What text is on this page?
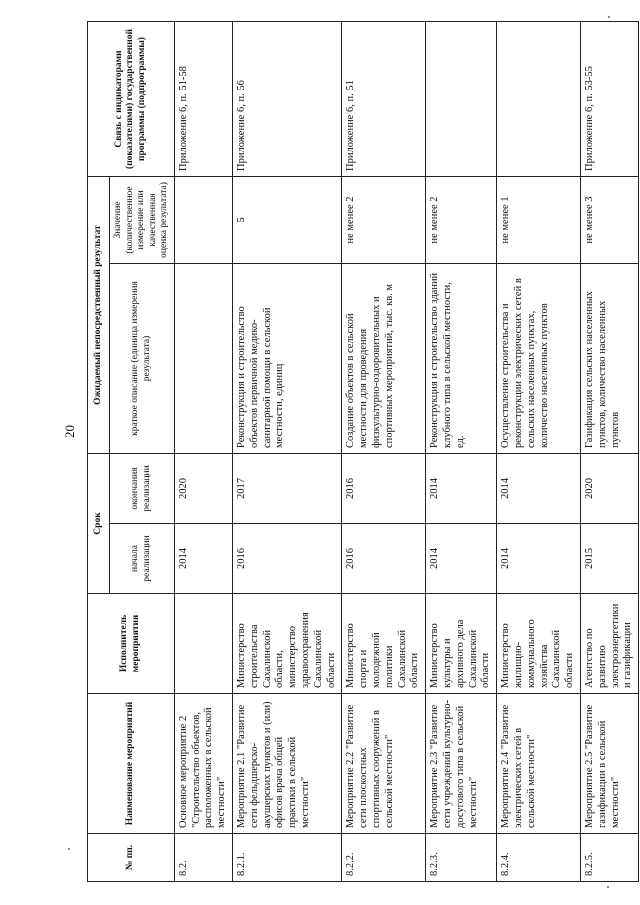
20
№ пп.	Наименование мероприятий	Исполнитель мероприятия	Срок		Ожидаемый непосредственный результат		Связь с индикаторами (показателями) государственной программы (подпрограммы)
			начала реализации	окончания реализации	краткое описание (единица измерения результата)	Значение (количественное измерение или качественная оценка результата)	
8.2.	Основное мероприятие 2 "Строительство объектов, расположенных в сельской местности"		2014	2020			Приложение 6, п. 51-58
8.2.1.	Мероприятие 2.1 "Развитие сети фельдшерско-акушерских пунктов и (или) офисов врача общей практики в сельской местности"	Министерство строительства Сахалинской области, министерство здравоохранения Сахалинской области	2016	2017	Реконструкция и строительство объектов первичной медико-санитарной помощи в сельской местности, единиц	5	Приложение 6, п. 56
8.2.2.	Мероприятие 2.2 "Развитие сети плоскостных спортивных сооружений в сельской местности"	Министерство спорта и молодежной политики Сахалинской области	2016	2016	Создание объектов в сельской местности для проведения физкультурно-оздоровительных и спортивных мероприятий, тыс. кв. м	не менее 2	Приложение 6, п. 51
8.2.3.	Мероприятие 2.3 "Развитие сети учреждений культурно-досугового типа в сельской местности"	Министерство культуры и архивного дела Сахалинской области	2014	2014	Реконструкция и строительство зданий клубного типа в сельской местности, ед.	не менее 2	
8.2.4.	Мероприятие 2.4 "Развитие электрических сетей в сельской местности"	Министерство жилищно-коммунального хозяйства Сахалинской области	2014	2014	Осуществление строительства и реконструкции электрических сетей в сельских населенных пунктах, количество населенных пунктов	не менее 1	
8.2.5.	Мероприятие 2.5 "Развитие газификации в сельской местности"	Агентство по развитию электроэнергетики и газификации	2015	2020	Газификация сельских населенных пунктов, количество населенных пунктов	не менее 3	Приложение 6, п. 53-55
